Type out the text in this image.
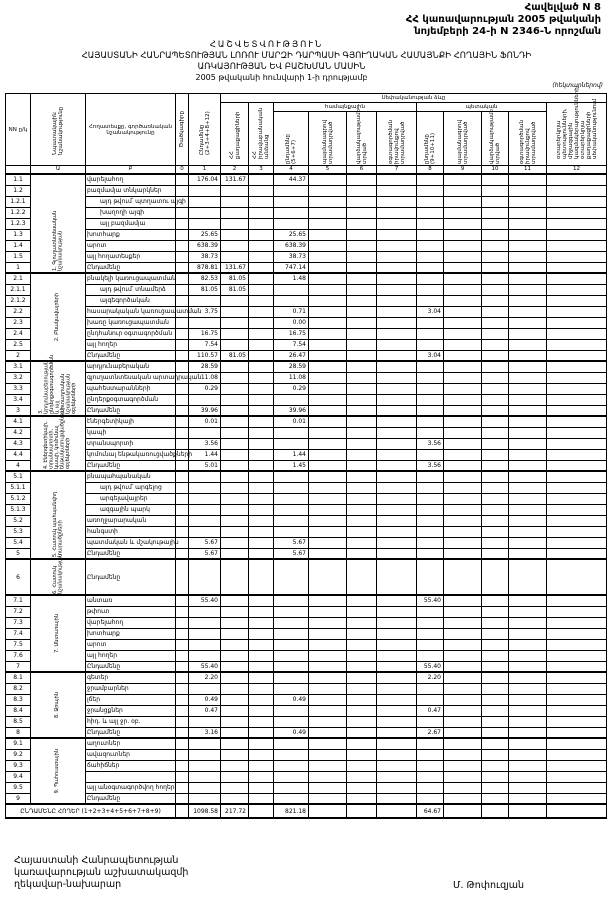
Հավելված N 8
ՀՀ կառավարության 2005 թվականի
նոյեմբերի 24-ի N 2346-Ն որոշման
ՀԱՇՎԵՏՎՈՒԹՅՈՒՆ
ՀԱՅԱՍՏԱՆԻ ՀԱՆՐԱՊԵՏՈՒԹՅԱՆ ԼՈՌՈՒ ՄԱՐԶԻ ԴԱՐՊԱՍԻ ԳՅՈՒՂԱԿԱՆ ՀԱՄԱՅՆՔԻ ՀՈՂԱՅԻՆ ՖՈՆԴԻ
ԱՌԿԱՅՈՒԹՅԱՆ ԵՎ ԲԱՇԽՄԱՆ ՄԱՍԻՆ
2005 թվականի հունվարի 1-ի դրությամբ
(հեկտարներով)
NN ը/կ	Նպատակային նշանակությունը	Հողատեսքը, գործառնական նշանակությունը	Ծածկագիրը	Ընդամենը (2+3+4+8+12)	Սեփականության ձևը										

					ՀՀ քաղաքացիների	ՀՀ իրավաբանական անձանց	համայնքային				պետական				օտարերկրյա պետությունների, միջազգային կազմակերպությունների, օտարերկրյա քաղաքացիների սեփականությունում

							ընդամենը (5+6+7)	պայմանագրով տրամադրված	վարձակալությամբ տրված	օգտագործման իրավունքով տրամադրված	ընդամենը (9+10+11)	պայմանագրով տրամադրված	վարձակալությամբ տրված	օգտագործման իրավունքով տրամադրված	

	Ա	Բ	0	1	2	3	4	5	6	7	8	9	10	11	12
1.1	1. Գյուղատնտեսական նշանակության	վարելահող		176.04	131.67		44.37								
1.2		բազմամյա տնկարկներ													
1.2.1		այդ թվում՝ պտղատու այգի													
1.2.2		խաղողի այգի													
1.2.3		այլ բազմամյա													
1.3		խոտհարք		25.65			25.65								
1.4		արոտ		638.39			638.39								
1.5		այլ հողատեսքեր		38.73			38.73								
1		Ընդամենը		878.81	131.67		747.14								
2.1	2. Բնակավայրերի	բնակելի կառուցապատման		82.53	81.05		1.48								
2.1.1		այդ թվում՝ տնամերձ		81.05	81.05										
2.1.2		այգեգործական													
2.2		հասարակական կառուցապատման		3.75			0.71				3.04				
2.3		խառը կառուցապատման					0.00								
2.4		ընդհանուր օգտագործման		16.75			16.75								
2.5		այլ հողեր		7.54			7.54								
2		Ընդամենը		110.57	81.05		26.47				3.04				
3.1	3. Արդյունաբերության, ընդերքօգտագործման և այլ արտադրական նշանակության օբյեկտների	արդյունաբերական		28.59			28.59								
3.2		գյուղատնտեսական արտադրական		11.08			11.08								
3.3		պահեստարանների		0.29			0.29								
3.4		ընդերքօգտագործման													
3		Ընդամենը		39.96			39.96								
4.1	4. Էներգետիկայի, տրանսպորտի, կապի, կոմունալ ենթակառուցվածքների օբյեկտների	էներգետիկայի		0.01			0.01								
4.2		կապի													
4.3		տրանսպորտի		3.56							3.56				
4.4		կոմունալ ենթակառուցվածքների		1.44			1.44								
4		Ընդամենը		5.01			1.45				3.56				
5.1	5. Հատուկ պահպանվող տարածքների	բնապահպանական													
5.1.1		այդ թվում՝ արգելոց													
5.1.2		արգելավայրեր													
5.1.3		ազգային պարկ													
5.2		առողջարարական													
5.3		հանգստի													
5.4		պատմական և մշակութային		5.67			5.67								
5		Ընդամենը		5.67			5.67								
6	6. Հատուկ նշանակության	Ընդամենը													
7.1	7. Անտառային	անտառ		55.40							55.40				
7.2		թփուտ													
7.3		վարելահող													
7.4		խոտհարք													
7.5		արոտ													
7.6		այլ հողեր													
7		Ընդամենը		55.40							55.40				
8.1	8. Ջրային	գետեր		2.20							2.20				
8.2		ջրամբարներ													
8.3		լճեր		0.49			0.49								
8.4		ջրանցքներ		0.47							0.47				
8.5		հիդ. և այլ ջր. օբ.													
8		Ընդամենը		3.16			0.49				2.67				
9.1	9. Պահուստային	աղուտներ													
9.2		ավազուտներ													
9.3		ճահիճներ													
9.4															
9.5		այլ անօգտագործվող հողեր													
9		Ընդամենը													
ԸՆԴԱՄԵՆԸ ՀՈՂԵՐ (1+2+3+4+5+6+7+8+9)				1098.58	217.72		821.18				64.67				
Հայաստանի Հանրապետության
կառավարության աշխատակազմի
ղեկավար-նախարար	Մ. Թոփուզյան
